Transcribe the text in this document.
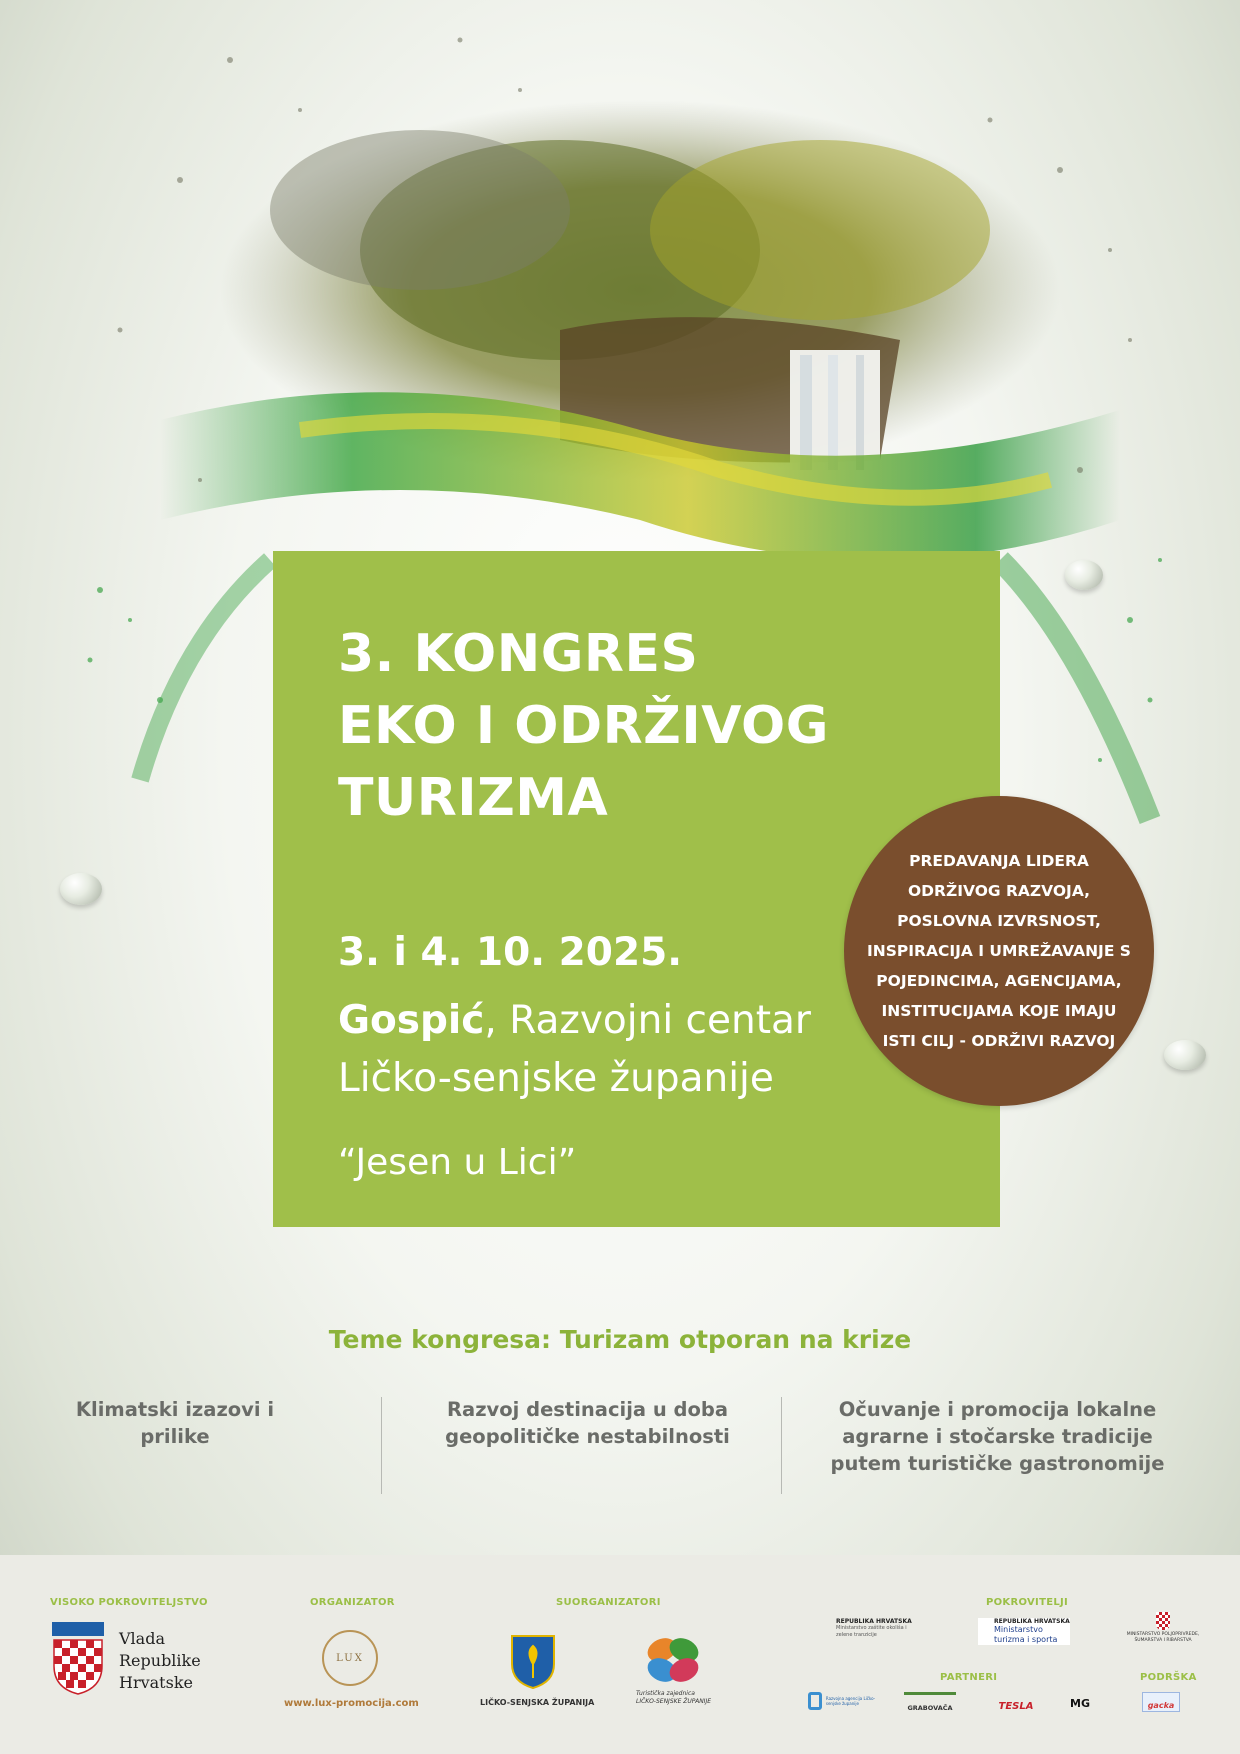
3. KONGRES
EKO I ODRŽIVOG
TURIZMA
3. i 4. 10. 2025.
Gospić, Razvojni centar
Ličko-senjske županije
“Jesen u Lici”
PREDAVANJA LIDERA ODRŽIVOG RAZVOJA, POSLOVNA IZVRSNOST, INSPIRACIJA I UMREŽAVANJE S POJEDINCIMA, AGENCIJAMA, INSTITUCIJAMA KOJE IMAJU ISTI CILJ - ODRŽIVI RAZVOJ
Teme kongresa: Turizam otporan na krize
Klimatski izazovi i prilike
Razvoj destinacija u doba geopolitičke nestabilnosti
Očuvanje i promocija lokalne agrarne i stočarske tradicije putem turističke gastronomije
VISOKO POKROVITELJSTVO
Vlada
Republike
Hrvatske
ORGANIZATOR
LUX
www.lux-promocija.com
SUORGANIZATORI
LIČKO-SENJSKA ŽUPANIJA
Turistička zajednica LIČKO-SENJSKE ŽUPANIJE
POKROVITELJI
REPUBLIKA HRVATSKA
Ministarstvo zaštite okoliša i zelene tranzicije
REPUBLIKA HRVATSKA
Ministarstvo turizma i sporta
MINISTARSTVO POLJOPRIVREDE, ŠUMARSTVA I RIBARSTVA
PARTNERI	PODRŠKA
Razvojna agencija Ličko-senjske županije
GRABOVAČA	TESLA	MG	gacka
